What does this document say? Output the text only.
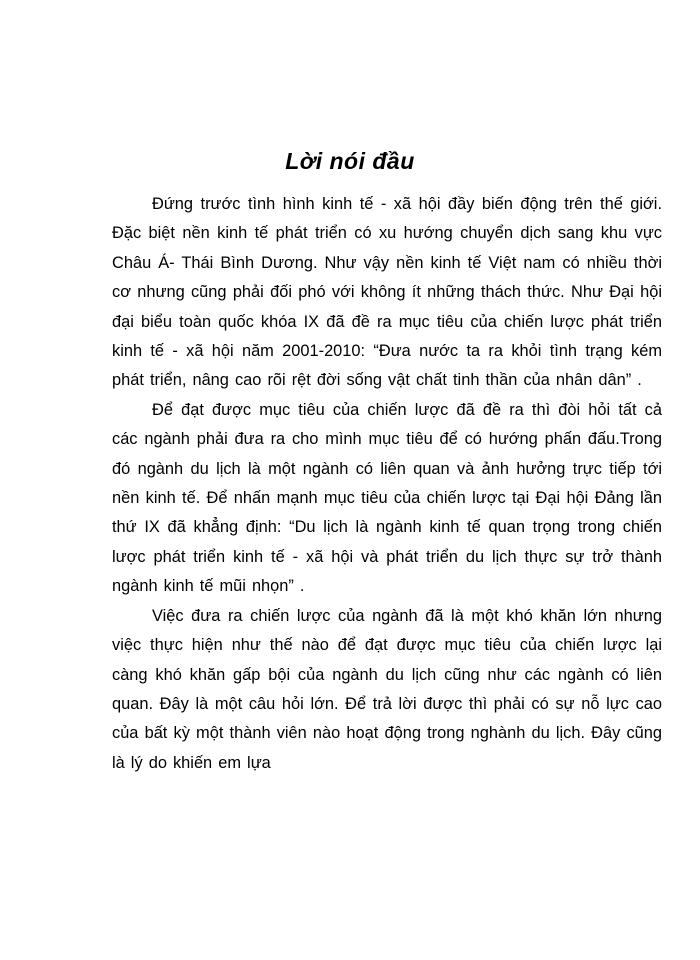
Lời nói đầu

Đứng trước tình hình kinh tế - xã hội đầy biến động trên thế giới. Đặc biệt nền kinh tế phát triển có xu hướng chuyển dịch sang khu vực Châu Á- Thái Bình Dương. Như vậy nền kinh tế Việt nam có nhiều thời cơ nhưng cũng phải đối phó với không ít những thách thức. Như Đại hội đại biểu toàn quốc khóa IX đã đề ra mục tiêu của chiến lược phát triển kinh tế - xã hội năm 2001-2010: “Đưa nước ta ra khỏi tình trạng kém phát triển, nâng cao rõi rệt đời sống vật chất tinh thần của nhân dân” .

Để đạt được mục tiêu của chiến lược đã đề ra thì đòi hỏi tất cả các ngành phải đưa ra cho mình mục tiêu để có hướng phấn đấu.Trong đó ngành du lịch là một ngành có liên quan và ảnh hưởng trực tiếp tới nền kinh tế. Để nhấn mạnh mục tiêu của chiến lược tại Đại hội Đảng lần thứ IX đã khẳng định: “Du lịch là ngành kinh tế quan trọng trong chiến lược phát triển kinh tế - xã hội và phát triển du lịch thực sự trở thành ngành kinh tế mũi nhọn” .

Việc đưa ra chiến lược của ngành đã là một khó khăn lớn nhưng việc thực hiện như thế nào để đạt được mục tiêu của chiến lược lại càng khó khăn gấp bội của ngành du lịch cũng như các ngành có liên quan. Đây là một câu hỏi lớn. Để trả lời được thì phải có sự nỗ lực cao của bất kỳ một thành viên nào hoạt động trong nghành du lịch. Đây cũng là lý do khiến em lựa
